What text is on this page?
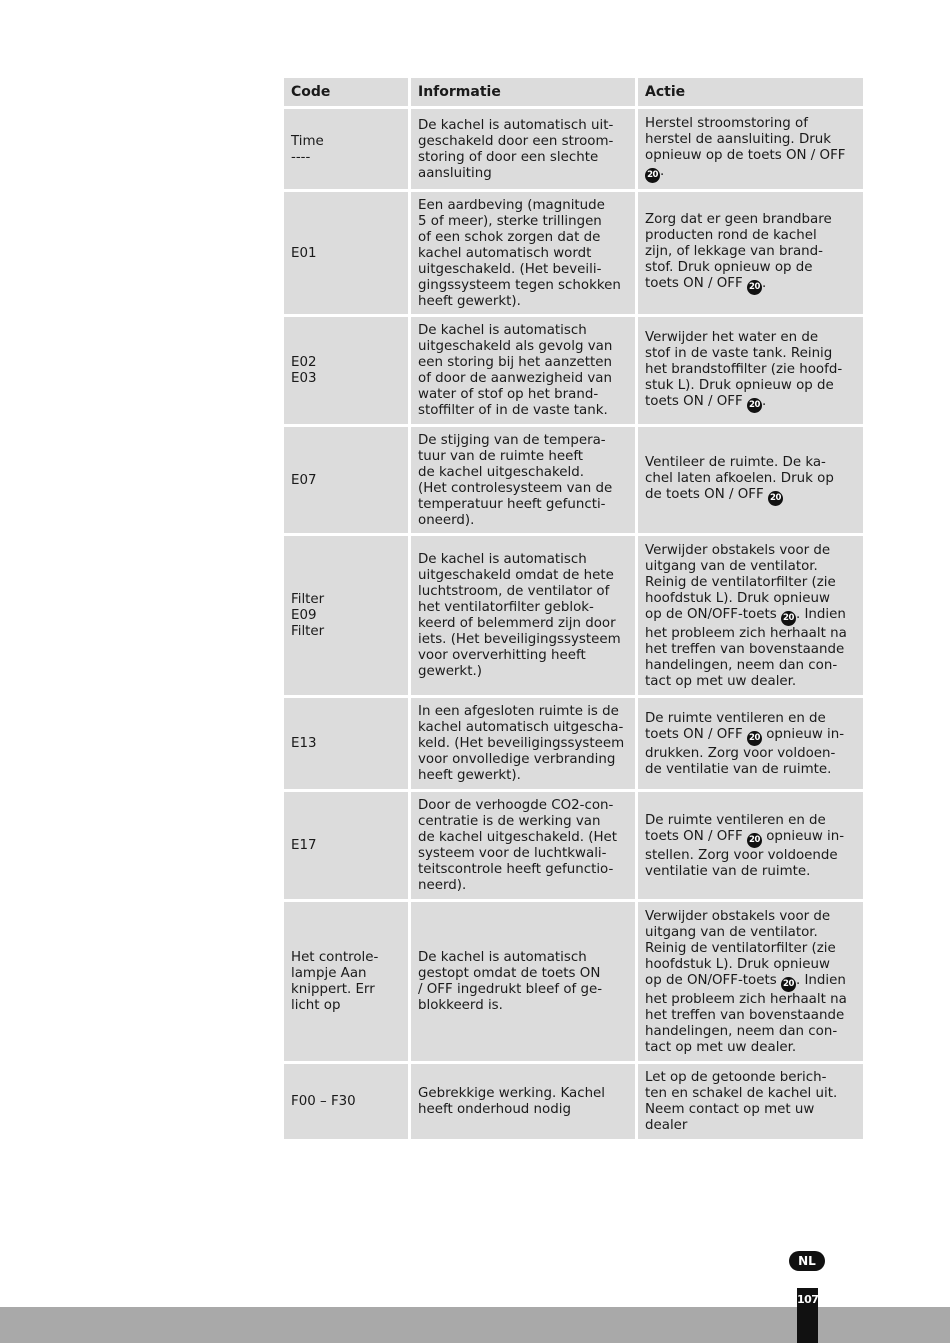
Code	Informatie	Actie
Time
----
De kachel is automatisch uit-
geschakeld door een stroom-
storing of door een slechte
aansluiting
Herstel stroomstoring of
herstel de aansluiting. Druk
opnieuw op de toets ON / OFF
20 .
E01
Een aardbeving (magnitude
5 of meer), sterke trillingen
of een schok zorgen dat de
kachel automatisch wordt
uitgeschakeld. (Het beveili-
gingssysteem tegen schokken
heeft gewerkt).
Zorg dat er geen brandbare
producten rond de kachel
zijn, of lekkage van brand-
stof. Druk opnieuw op de
toets ON / OFF 20 .
E02
E03
De kachel is automatisch
uitgeschakeld als gevolg van
een storing bij het aanzetten
of door de aanwezigheid van
water of stof op het brand-
stoffilter of in de vaste tank.
Verwijder het water en de
stof in de vaste tank. Reinig
het brandstoffilter (zie hoofd-
stuk L). Druk opnieuw op de
toets ON / OFF 20 .
E07
De stijging van de tempera-
tuur van de ruimte heeft
de kachel uitgeschakeld.
(Het controlesysteem van de
temperatuur heeft gefuncti-
oneerd).
Ventileer de ruimte. De ka-
chel laten afkoelen. Druk op
de toets ON / OFF 20
Filter
E09
Filter
De kachel is automatisch
uitgeschakeld omdat de hete
luchtstroom, de ventilator of
het ventilatorfilter geblok-
keerd of belemmerd zijn door
iets. (Het beveiligingssysteem
voor oververhitting heeft
gewerkt.)
Verwijder obstakels voor de
uitgang van de ventilator.
Reinig de ventilatorfilter (zie
hoofdstuk L). Druk opnieuw
op de ON/OFF-toets 20 . Indien
het probleem zich herhaalt na
het treffen van bovenstaande
handelingen, neem dan con-
tact op met uw dealer.
E13
In een afgesloten ruimte is de
kachel automatisch uitgescha-
keld. (Het beveiligingssysteem
voor onvolledige verbranding
heeft gewerkt).
De ruimte ventileren en de
toets ON / OFF 20 opnieuw in-
drukken. Zorg voor voldoen-
de ventilatie van de ruimte.
E17
Door de verhoogde CO2-con-
centratie is de werking van
de kachel uitgeschakeld. (Het
systeem voor de luchtkwali-
teitscontrole heeft gefunctio-
neerd).
De ruimte ventileren en de
toets ON / OFF 20 opnieuw in-
stellen. Zorg voor voldoende
ventilatie van de ruimte.
Het controle-
lampje Aan
knippert. Err
licht op
De kachel is automatisch
gestopt omdat de toets ON
/ OFF ingedrukt bleef of ge-
blokkeerd is.
Verwijder obstakels voor de
uitgang van de ventilator.
Reinig de ventilatorfilter (zie
hoofdstuk L). Druk opnieuw
op de ON/OFF-toets 20 . Indien
het probleem zich herhaalt na
het treffen van bovenstaande
handelingen, neem dan con-
tact op met uw dealer.
F00 – F30
Gebrekkige werking. Kachel
heeft onderhoud nodig
Let op de getoonde berich-
ten en schakel de kachel uit.
Neem contact op met uw
dealer
NL
107
